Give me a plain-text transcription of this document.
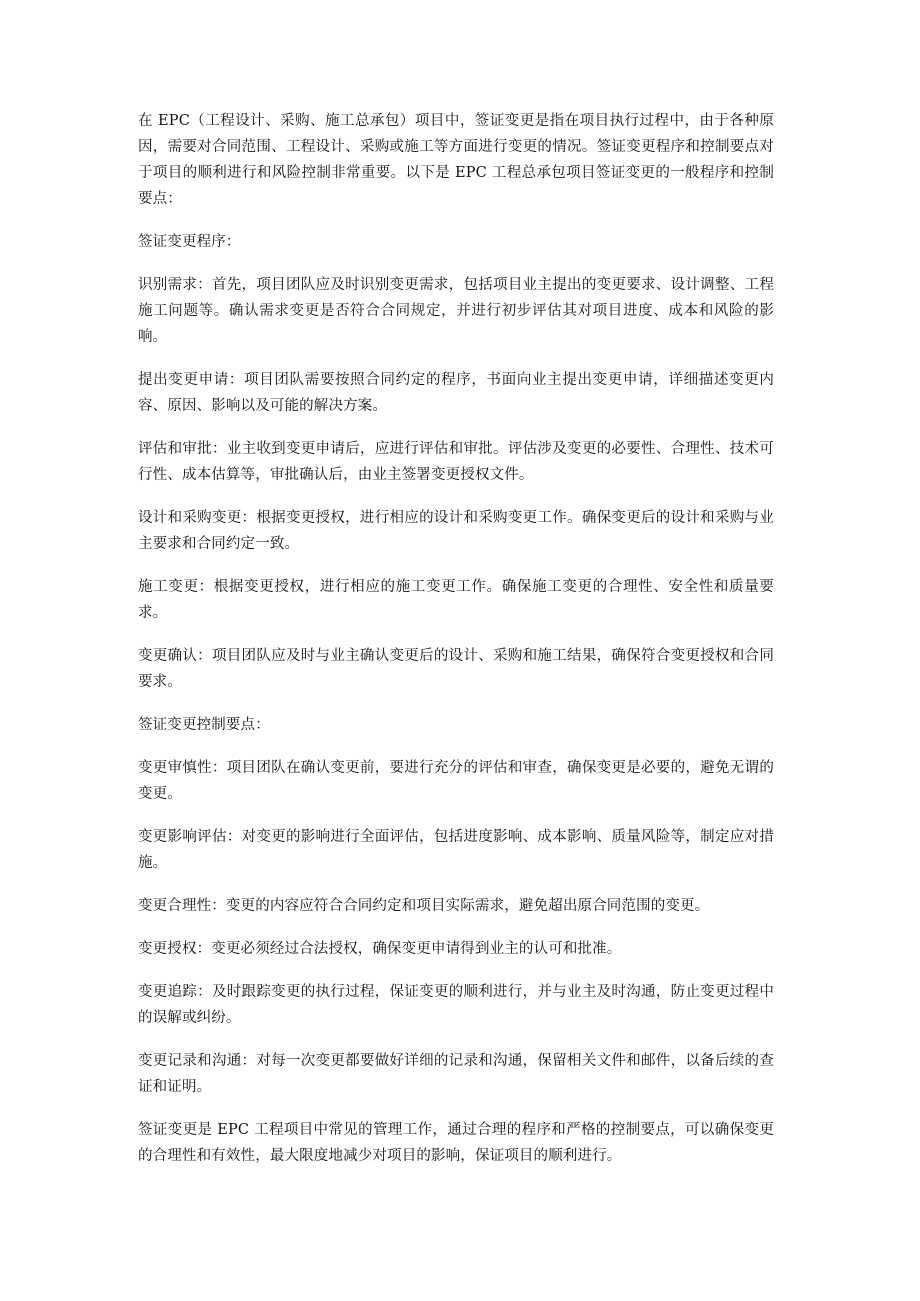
在 EPC（工程设计、采购、施工总承包）项目中，签证变更是指在项目执行过程中，由于各种原因，需要对合同范围、工程设计、采购或施工等方面进行变更的情况。签证变更程序和控制要点对于项目的顺利进行和风险控制非常重要。以下是 EPC 工程总承包项目签证变更的一般程序和控制要点：

签证变更程序：

识别需求：首先，项目团队应及时识别变更需求，包括项目业主提出的变更要求、设计调整、工程施工问题等。确认需求变更是否符合合同规定，并进行初步评估其对项目进度、成本和风险的影响。

提出变更申请：项目团队需要按照合同约定的程序，书面向业主提出变更申请，详细描述变更内容、原因、影响以及可能的解决方案。

评估和审批：业主收到变更申请后，应进行评估和审批。评估涉及变更的必要性、合理性、技术可行性、成本估算等，审批确认后，由业主签署变更授权文件。

设计和采购变更：根据变更授权，进行相应的设计和采购变更工作。确保变更后的设计和采购与业主要求和合同约定一致。

施工变更：根据变更授权，进行相应的施工变更工作。确保施工变更的合理性、安全性和质量要求。

变更确认：项目团队应及时与业主确认变更后的设计、采购和施工结果，确保符合变更授权和合同要求。

签证变更控制要点：

变更审慎性：项目团队在确认变更前，要进行充分的评估和审查，确保变更是必要的，避免无谓的变更。

变更影响评估：对变更的影响进行全面评估，包括进度影响、成本影响、质量风险等，制定应对措施。

变更合理性：变更的内容应符合合同约定和项目实际需求，避免超出原合同范围的变更。

变更授权：变更必须经过合法授权，确保变更申请得到业主的认可和批准。

变更追踪：及时跟踪变更的执行过程，保证变更的顺利进行，并与业主及时沟通，防止变更过程中的误解或纠纷。

变更记录和沟通：对每一次变更都要做好详细的记录和沟通，保留相关文件和邮件，以备后续的查证和证明。

签证变更是 EPC 工程项目中常见的管理工作，通过合理的程序和严格的控制要点，可以确保变更的合理性和有效性，最大限度地减少对项目的影响，保证项目的顺利进行。
